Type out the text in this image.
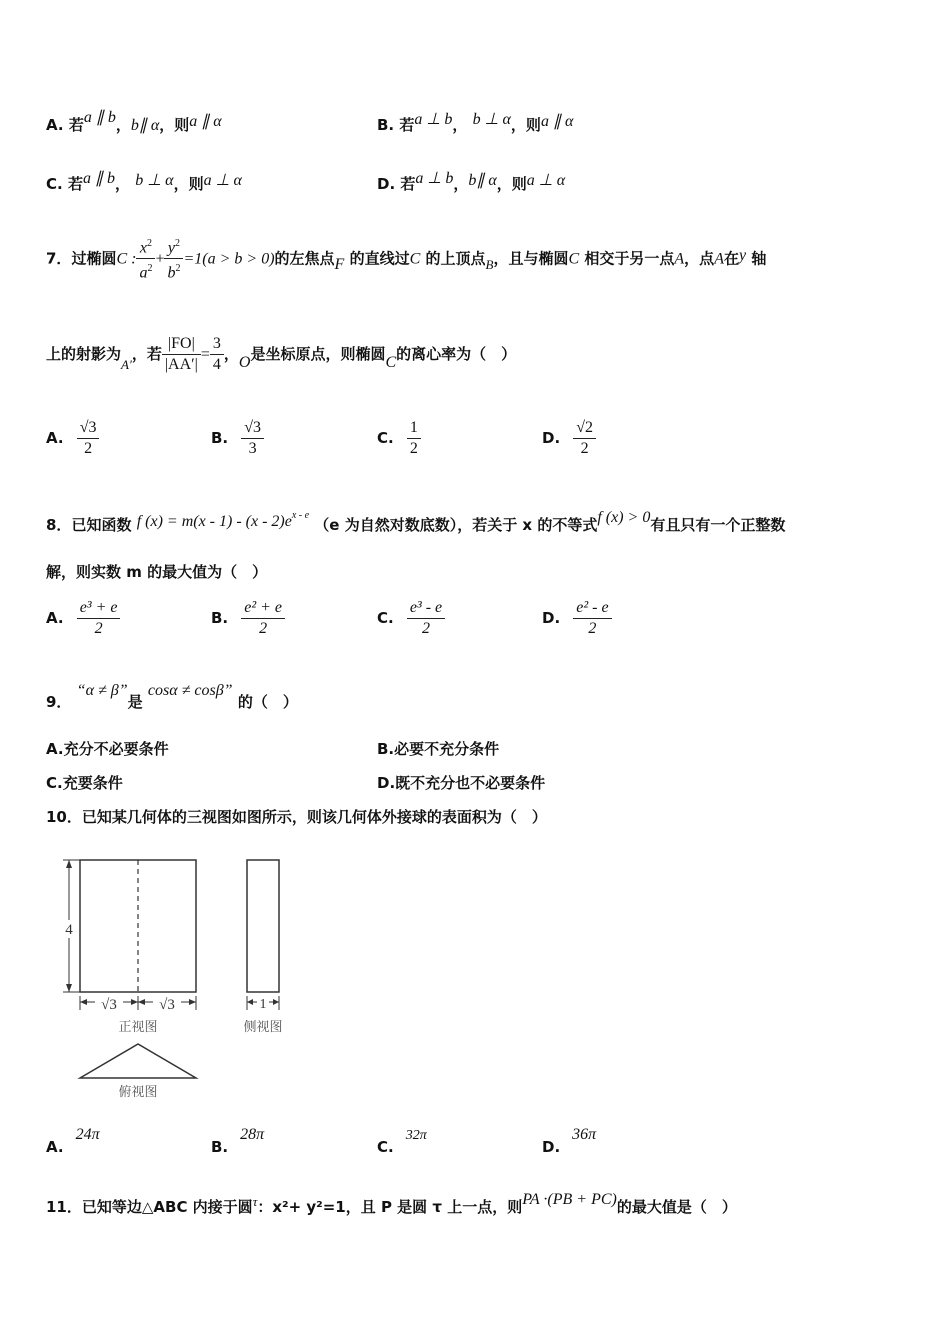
A. 若a ∥ b，b∥ α，则a ∥ α	B. 若a ⊥ b， b ⊥ α，则a ∥ α
C. 若a ∥ b， b ⊥ α，则a ⊥ α	D. 若a ⊥ b，b∥ α，则a ⊥ α
7．过椭圆C : $\frac{x^2}{a^2} + \frac{y^2}{b^2} =1(a > b > 0)$的左焦点F 的直线过C 的上顶点B，且与椭圆C 相交于另一点A，点A在y 轴
上的射影为A′，若 $\frac{|FO|}{|AA'|} = \frac{3}{4}$ ，O是坐标原点，则椭圆C的离心率为（　）
A. $\frac{√3}{2}$	B. $\frac{√3}{3}$	C. $\frac{1}{2}$	D. $\frac{√2}{2}$
8．已知函数 f $(x) = m(x - 1) - (x - 2)e^{x - e}$ （e 为自然对数底数），若关于 x 的不等式f (x) > 0有且只有一个正整数
解，则实数 m 的最大值为（　）
A. $\frac{\text{e³ + e}}{2}$	B. $\frac{\text{e² + e}}{2}$	C. $\frac{\text{e³ - e}}{2}$	D. $\frac{\text{e² - e}}{2}$
9． “α ≠ β”是 cosα ≠ cosβ” 的（　）
A.充分不必要条件	B.必要不充分条件
C.充要条件	D.既不充分也不必要条件
10．已知某几何体的三视图如图所示，则该几何体外接球的表面积为（　）
4
√3	√3
正视图
1
侧视图
俯视图
A.24π
B.28π
C.32π
D.36π
11．已知等边△ABC 内接于圆τ：x²+ y²=1，且 P 是圆 τ 上一点，则PA ·(PB + PC)的最大值是（　）
